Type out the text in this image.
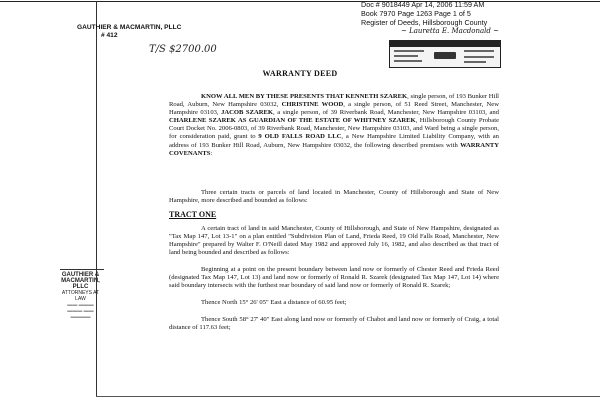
Doc # 9018449 Apr 14, 2006 11:59 AM
Book 7970 Page 1263 Page 1 of 5
Register of Deeds, Hillsborough County
~ Lauretta E. Macdonald ~
GAUTHIER & MACMARTIN, PLLC
# 412
T/S $2700.00
GAUTHIER &
MACMARTIN, PLLC
ATTORNEYS AT LAW
▬▬ ▬▬▬
▬▬▬ ▬▬
▬▬▬▬
WARRANTY DEED
KNOW ALL MEN BY THESE PRESENTS THAT KENNETH SZAREK, single person, of 193 Bunker Hill Road, Auburn, New Hampshire 03032, CHRISTINE WOOD, a single person, of 51 Reed Street, Manchester, New Hampshire 03103, JACOB SZAREK, a single person, of 39 Riverbank Road, Manchester, New Hampshire 03103, and CHARLENE SZAREK AS GUARDIAN OF THE ESTATE OF WHITNEY SZAREK, Hillsborough County Probate Court Docket No. 2006-0803, of 39 Riverbank Road, Manchester, New Hampshire 03103, and Ward being a single person, for consideration paid, grant to 9 OLD FALLS ROAD LLC, a New Hampshire Limited Liability Company, with an address of 193 Bunker Hill Road, Auburn, New Hampshire 03032, the following described premises with WARRANTY COVENANTS:
Three certain tracts or parcels of land located in Manchester, County of Hillsborough and State of New Hampshire, more described and bounded as follows:
TRACT ONE
A certain tract of land in said Manchester, County of Hillsborough, and State of New Hampshire, designated as "Tax Map 147, Lot 13-1" on a plan entitled "Subdivision Plan of Land, Frieda Reed, 19 Old Falls Road, Manchester, New Hampshire" prepared by Walter F. O'Neill dated May 1982 and approved July 16, 1982, and also described as that tract of land being bounded and described as follows:
Beginning at a point on the present boundary between land now or formerly of Chester Reed and Frieda Reed (designated Tax Map 147, Lot 13) and land now or formerly of Ronald R. Szarek (designated Tax Map 147, Lot 14) where said boundary intersects with the furthest rear boundary of said land now or formerly of Ronald R. Szarek;
Thence North 15° 26' 05" East a distance of 60.95 feet;
Thence South 58° 27' 40" East along land now or formerly of Chabot and land now or formerly of Craig, a total distance of 117.63 feet;
